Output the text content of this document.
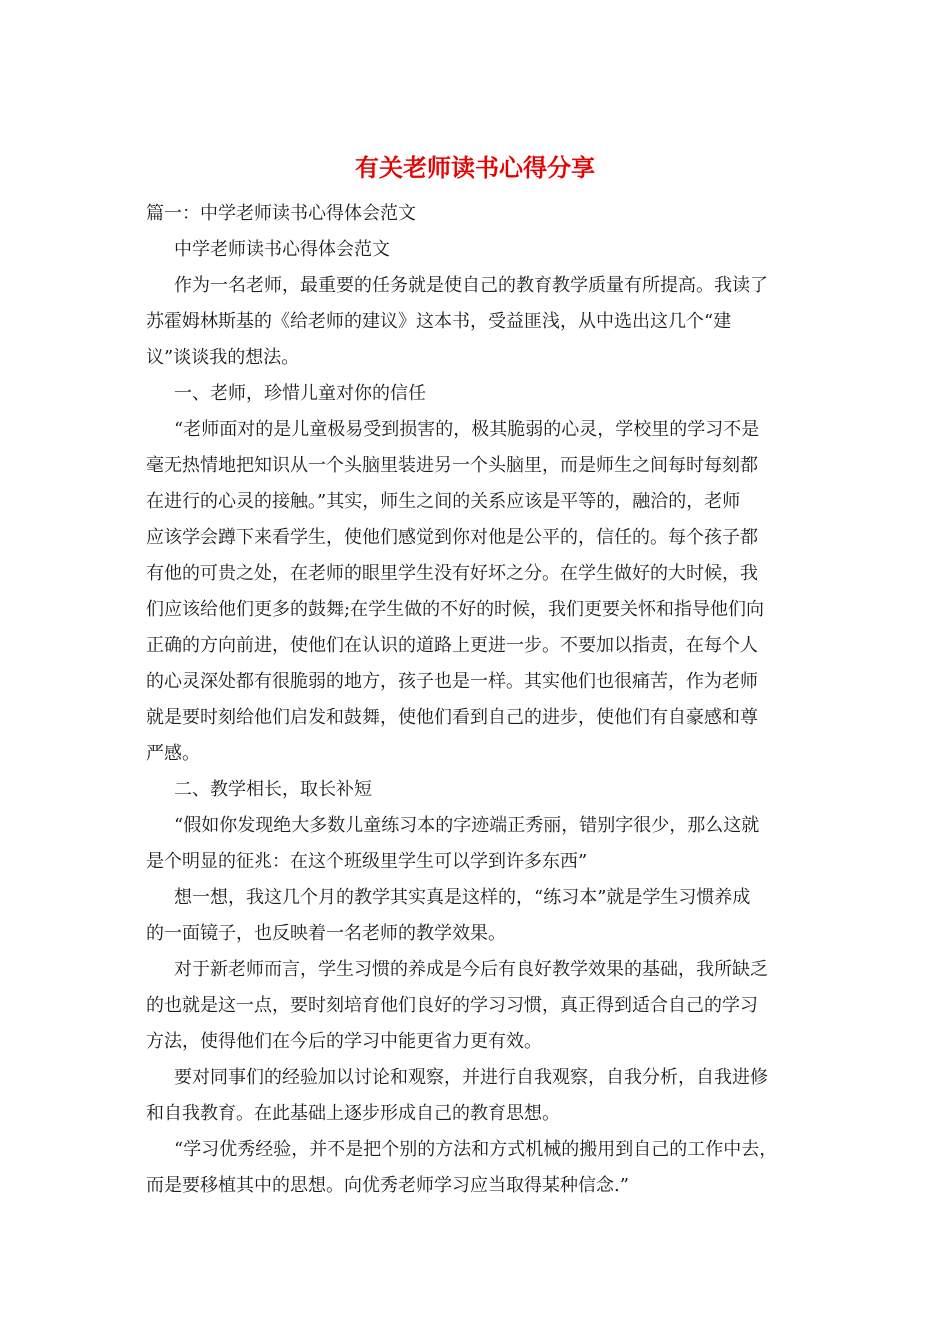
有关老师读书心得分享
篇一：中学老师读书心得体会范文
中学老师读书心得体会范文
作为一名老师，最重要的任务就是使自己的教育教学质量有所提高。我读了
苏霍姆林斯基的《给老师的建议》这本书，受益匪浅，从中选出这几个“建
议”谈谈我的想法。
一、老师，珍惜儿童对你的信任
“老师面对的是儿童极易受到损害的，极其脆弱的心灵，学校里的学习不是
毫无热情地把知识从一个头脑里装进另一个头脑里，而是师生之间每时每刻都
在进行的心灵的接触。”其实，师生之间的关系应该是平等的，融洽的，老师
应该学会蹲下来看学生，使他们感觉到你对他是公平的，信任的。每个孩子都
有他的可贵之处，在老师的眼里学生没有好坏之分。在学生做好的大时候，我
们应该给他们更多的鼓舞;在学生做的不好的时候，我们更要关怀和指导他们向
正确的方向前进，使他们在认识的道路上更进一步。不要加以指责，在每个人
的心灵深处都有很脆弱的地方，孩子也是一样。其实他们也很痛苦，作为老师
就是要时刻给他们启发和鼓舞，使他们看到自己的进步，使他们有自豪感和尊
严感。
二、教学相长，取长补短
“假如你发现绝大多数儿童练习本的字迹端正秀丽，错别字很少，那么这就
是个明显的征兆：在这个班级里学生可以学到许多东西”
想一想，我这几个月的教学其实真是这样的，“练习本”就是学生习惯养成
的一面镜子，也反映着一名老师的教学效果。
对于新老师而言，学生习惯的养成是今后有良好教学效果的基础，我所缺乏
的也就是这一点，要时刻培育他们良好的学习习惯，真正得到适合自己的学习
方法，使得他们在今后的学习中能更省力更有效。
要对同事们的经验加以讨论和观察，并进行自我观察，自我分析，自我进修
和自我教育。在此基础上逐步形成自己的教育思想。
“学习优秀经验，并不是把个别的方法和方式机械的搬用到自己的工作中去，
而是要移植其中的思想。向优秀老师学习应当取得某种信念.”
